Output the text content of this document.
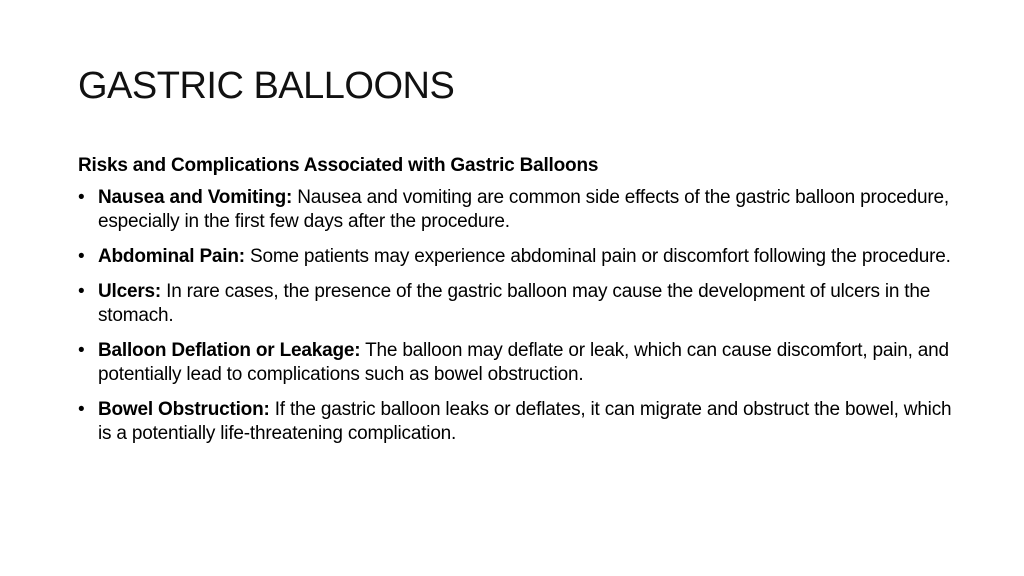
GASTRIC BALLOONS
Risks and Complications Associated with Gastric Balloons
• Nausea and Vomiting: Nausea and vomiting are common side effects of the gastric balloon procedure, especially in the first few days after the procedure.
• Abdominal Pain: Some patients may experience abdominal pain or discomfort following the procedure.
• Ulcers: In rare cases, the presence of the gastric balloon may cause the development of ulcers in the stomach.
• Balloon Deflation or Leakage: The balloon may deflate or leak, which can cause discomfort, pain, and potentially lead to complications such as bowel obstruction.
• Bowel Obstruction: If the gastric balloon leaks or deflates, it can migrate and obstruct the bowel, which is a potentially life-threatening complication.
